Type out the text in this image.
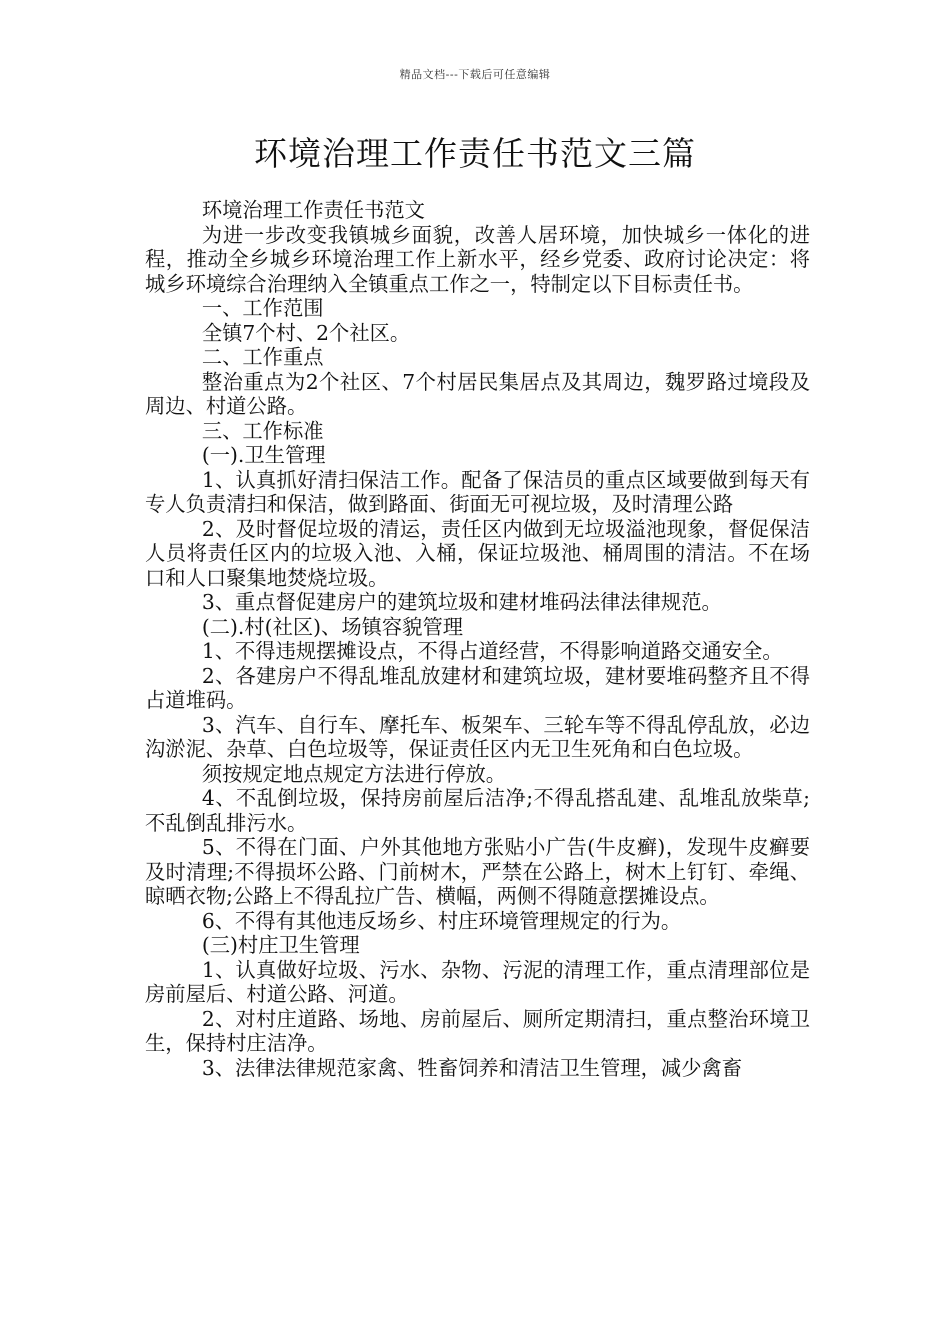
精品文档---下载后可任意编辑
环境治理工作责任书范文三篇

环境治理工作责任书范文

为进一步改变我镇城乡面貌，改善人居环境，加快城乡一体化的进程，推动全乡城乡环境治理工作上新水平，经乡党委、政府讨论决定：将城乡环境综合治理纳入全镇重点工作之一，特制定以下目标责任书。

一、工作范围

全镇7个村、2个社区。

二、工作重点

整治重点为2个社区、7个村居民集居点及其周边，魏罗路过境段及周边、村道公路。

三、工作标准

(一).卫生管理

1、认真抓好清扫保洁工作。配备了保洁员的重点区域要做到每天有专人负责清扫和保洁，做到路面、街面无可视垃圾，及时清理公路

2、及时督促垃圾的清运，责任区内做到无垃圾溢池现象，督促保洁人员将责任区内的垃圾入池、入桶，保证垃圾池、桶周围的清洁。不在场口和人口聚集地焚烧垃圾。

3、重点督促建房户的建筑垃圾和建材堆码法律法律规范。

(二).村(社区)、场镇容貌管理

1、不得违规摆摊设点，不得占道经营，不得影响道路交通安全。

2、各建房户不得乱堆乱放建材和建筑垃圾，建材要堆码整齐且不得占道堆码。

3、汽车、自行车、摩托车、板架车、三轮车等不得乱停乱放，必边沟淤泥、杂草、白色垃圾等，保证责任区内无卫生死角和白色垃圾。

须按规定地点规定方法进行停放。

4、不乱倒垃圾，保持房前屋后洁净;不得乱搭乱建、乱堆乱放柴草;不乱倒乱排污水。

5、不得在门面、户外其他地方张贴小广告(牛皮癣)，发现牛皮癣要及时清理;不得损坏公路、门前树木，严禁在公路上，树木上钉钉、牵绳、晾晒衣物;公路上不得乱拉广告、横幅，两侧不得随意摆摊设点。

6、不得有其他违反场乡、村庄环境管理规定的行为。

(三)村庄卫生管理

1、认真做好垃圾、污水、杂物、污泥的清理工作，重点清理部位是房前屋后、村道公路、河道。

2、对村庄道路、场地、房前屋后、厕所定期清扫，重点整治环境卫生，保持村庄洁净。

3、法律法律规范家禽、牲畜饲养和清洁卫生管理，减少禽畜
